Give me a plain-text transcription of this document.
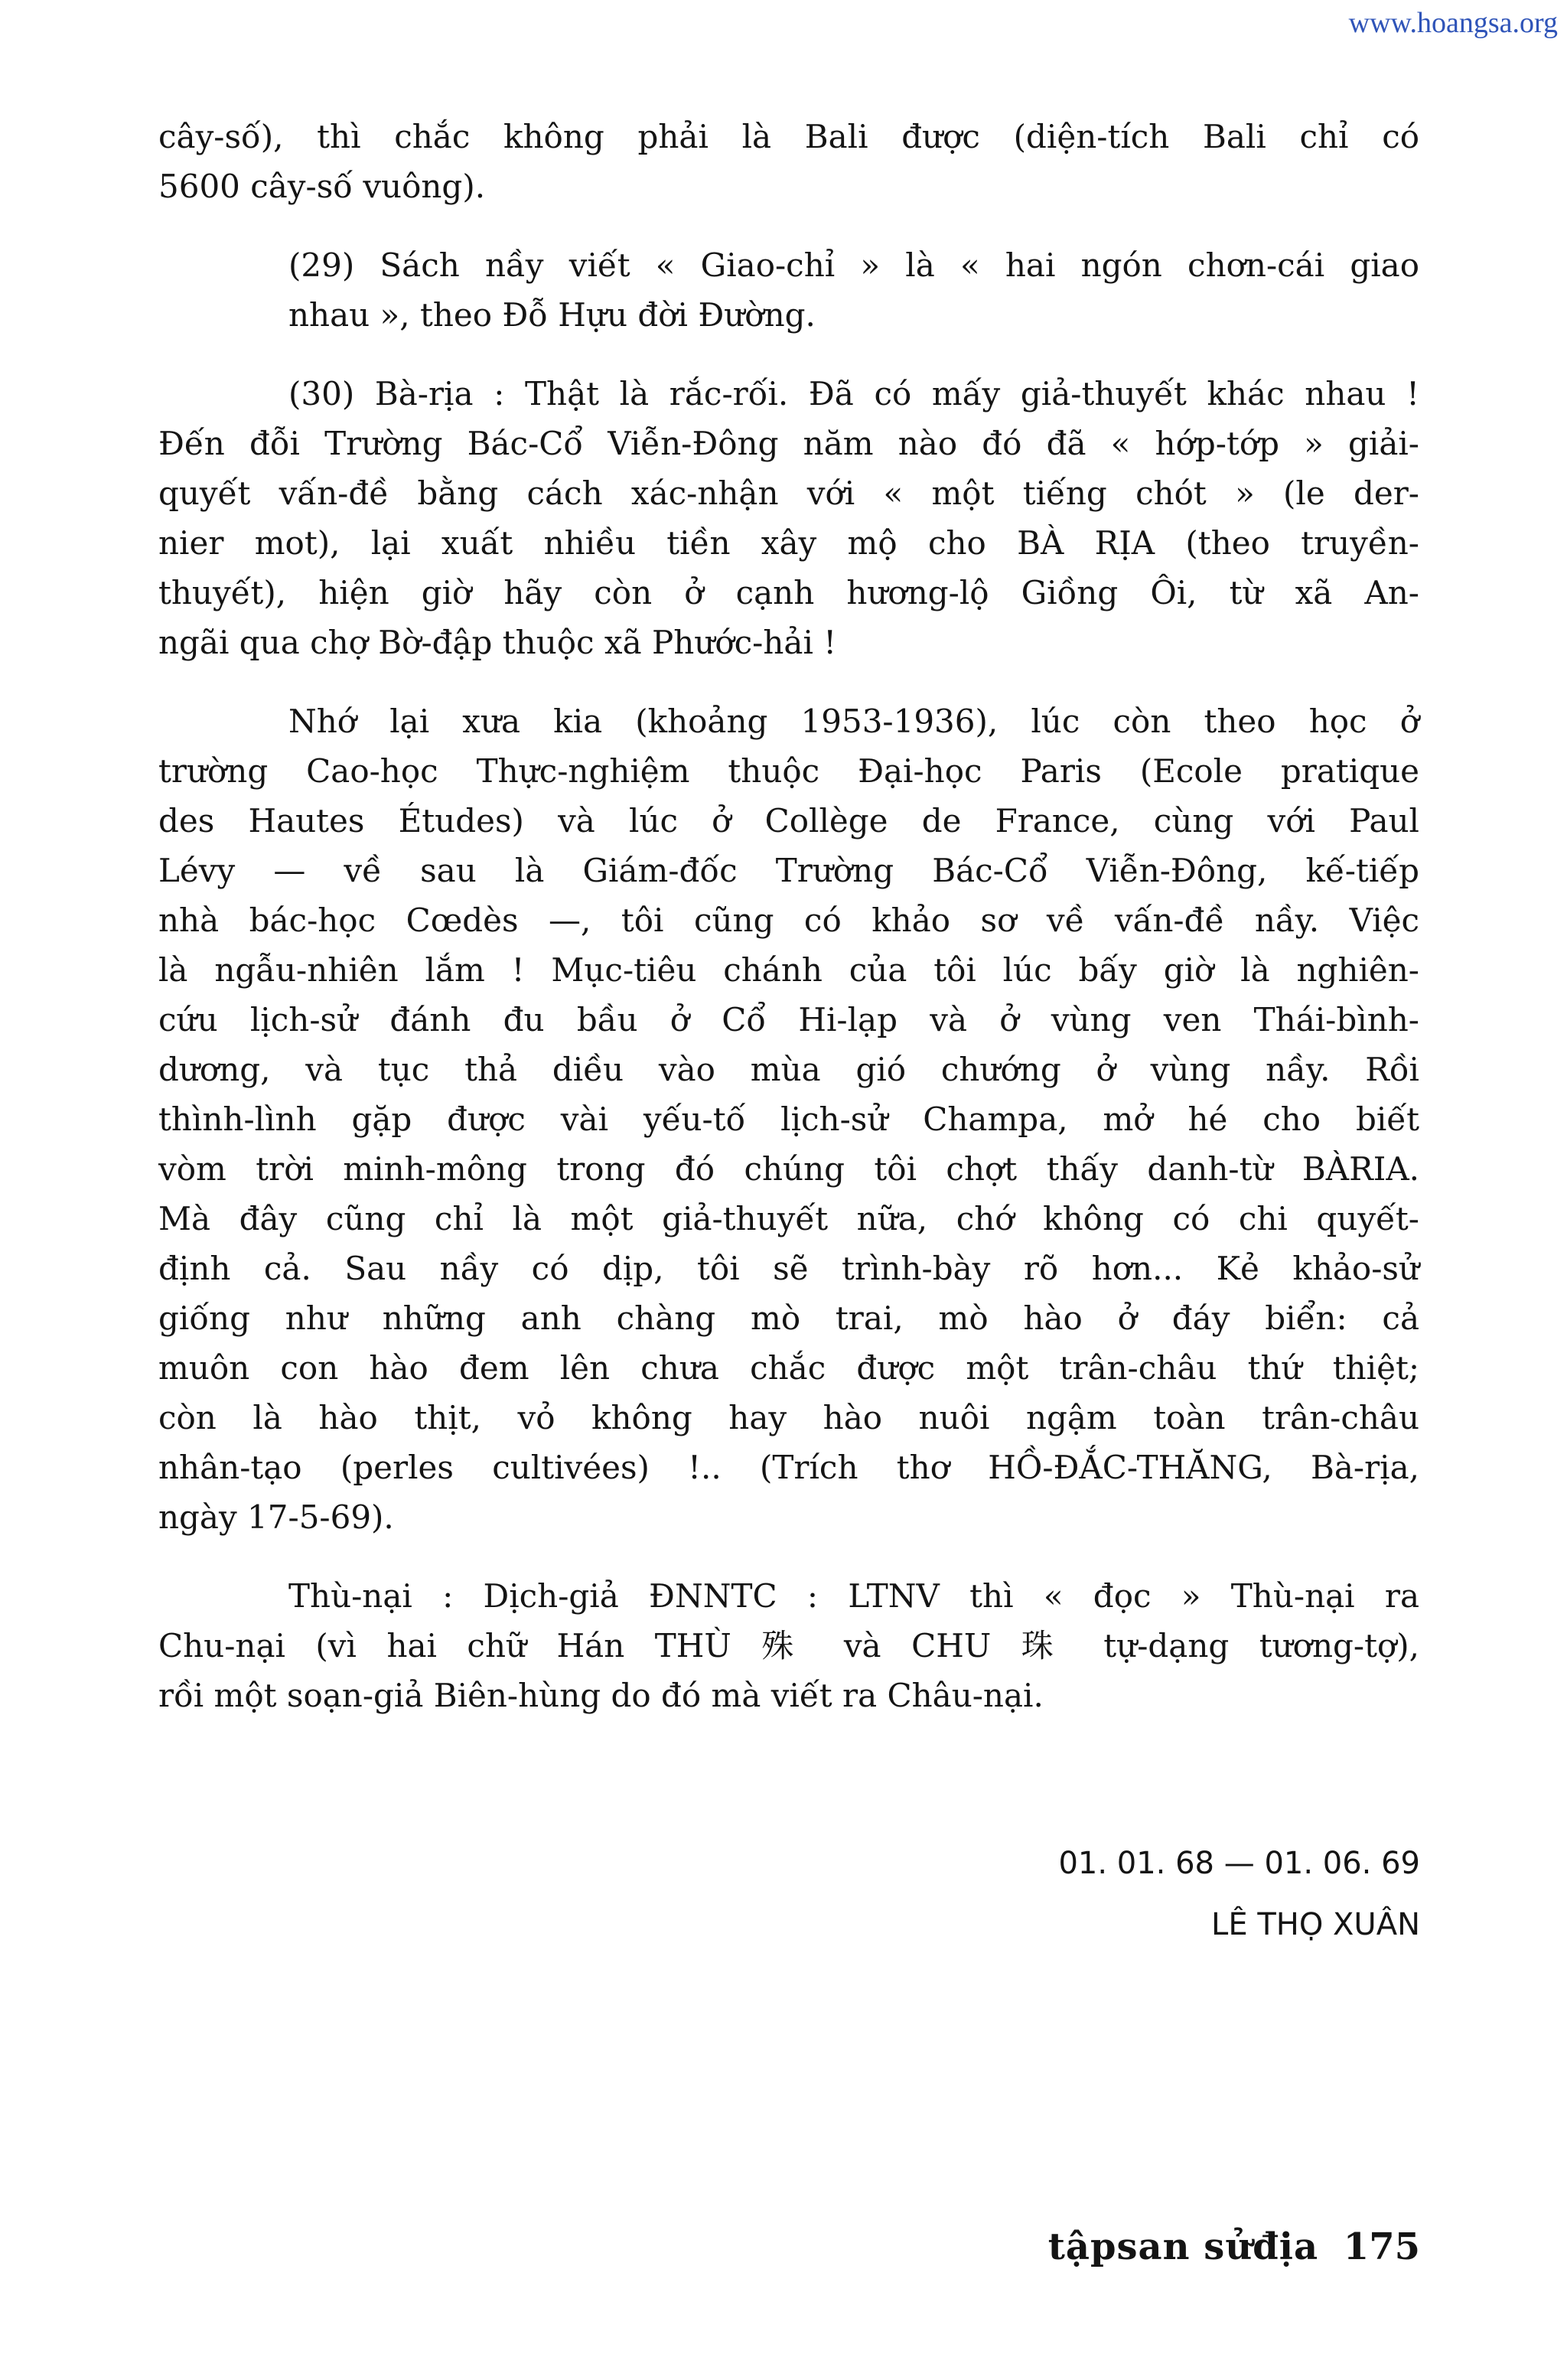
www.hoangsa.org
cây-số), thì chắc không phải là Bali được (diện-tích Bali chỉ có
5600 cây-số vuông).
(29) Sách nầy viết « Giao-chỉ » là « hai ngón chơn-cái giao
nhau », theo Đỗ Hựu đời Đường.
(30) Bà-rịa : Thật là rắc-rối. Đã có mấy giả-thuyết khác nhau !
Đến đỗi Trường Bác-Cổ Viễn-Đông năm nào đó đã « hớp-tớp » giải-
quyết vấn-đề bằng cách xác-nhận với « một tiếng chót » (le der-
nier mot), lại xuất nhiều tiền xây mộ cho BÀ RỊA (theo truyền-
thuyết), hiện giờ hãy còn ở cạnh hương-lộ Giồng Ôi, từ xã An-
ngãi qua chợ Bờ-đập thuộc xã Phước-hải !
Nhớ lại xưa kia (khoảng 1953-1936), lúc còn theo học ở
trường Cao-học Thực-nghiệm thuộc Đại-học Paris (Ecole pratique
des Hautes Études) và lúc ở Collège de France, cùng với Paul
Lévy — về sau là Giám-đốc Trường Bác-Cổ Viễn-Đông, kế-tiếp
nhà bác-học Cœdès —, tôi cũng có khảo sơ về vấn-đề nầy. Việc
là ngẫu-nhiên lắm ! Mục-tiêu chánh của tôi lúc bấy giờ là nghiên-
cứu lịch-sử đánh đu bầu ở Cổ Hi-lạp và ở vùng ven Thái-bình-
dương, và tục thả diều vào mùa gió chướng ở vùng nầy. Rồi
thình-lình gặp được vài yếu-tố lịch-sử Champa, mở hé cho biết
vòm trời minh-mông trong đó chúng tôi chợt thấy danh-từ BÀRIA.
Mà đây cũng chỉ là một giả-thuyết nữa, chớ không có chi quyết-
định cả. Sau nầy có dịp, tôi sẽ trình-bày rõ hơn... Kẻ khảo-sử
giống như những anh chàng mò trai, mò hào ở đáy biển: cả
muôn con hào đem lên chưa chắc được một trân-châu thứ thiệt;
còn là hào thịt, vỏ không hay hào nuôi ngậm toàn trân-châu
nhân-tạo (perles cultivées) !.. (Trích thơ HỒ-ĐẮC-THĂNG, Bà-rịa,
ngày 17-5-69).
Thù-nại : Dịch-giả ĐNNTC : LTNV thì « đọc » Thù-nại ra
Chu-nại (vì hai chữ Hán THÙ 殊 và CHU 珠 tự-dạng tương-tợ),
rồi một soạn-giả Biên-hùng do đó mà viết ra Châu-nại.
01. 01. 68 — 01. 06. 69
LÊ THỌ XUÂN
tậpsan sửđịa 175
